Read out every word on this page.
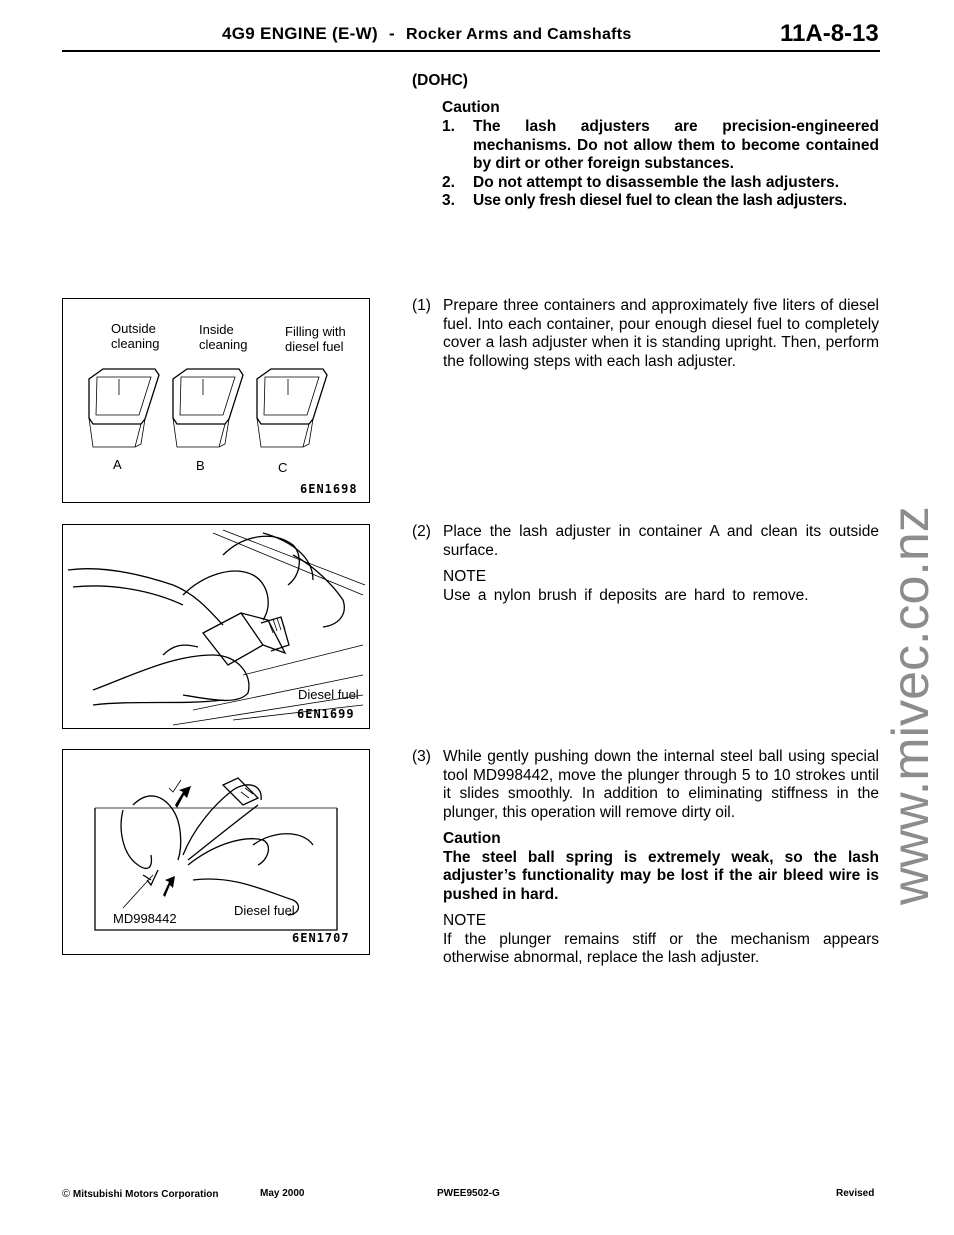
4G9 ENGINE (E-W) - Rocker Arms and Camshafts	11A-8-13
(DOHC)
Caution
1. The lash adjusters are precision-engineered mechanisms. Do not allow them to become contained by dirt or other foreign substances.
2. Do not attempt to disassemble the lash adjusters.
3. Use only fresh diesel fuel to clean the lash adjusters.
(1) Prepare three containers and approximately five liters of diesel fuel. Into each container, pour enough diesel fuel to completely cover a lash adjuster when it is standing upright. Then, perform the following steps with each lash adjuster.
Outside
cleaning
Inside
cleaning
Filling with
diesel fuel
A	B	C
6EN1698
(2) Place the lash adjuster in container A and clean its outside surface.
NOTE
Use a nylon brush if deposits are hard to remove.
Diesel fuel
6EN1699
(3) While gently pushing down the internal steel ball using special tool MD998442, move the plunger through 5 to 10 strokes until it slides smoothly. In addition to eliminating stiffness in the plunger, this operation will remove dirty oil.
Caution
The steel ball spring is extremely weak, so the lash adjuster’s functionality may be lost if the air bleed wire is pushed in hard.
NOTE
If the plunger remains stiff or the mechanism appears otherwise abnormal, replace the lash adjuster.
MD998442
Diesel fuel
6EN1707
www.mivec.co.nz
© Mitsubishi Motors Corporation	May 2000	PWEE9502-G	Revised
